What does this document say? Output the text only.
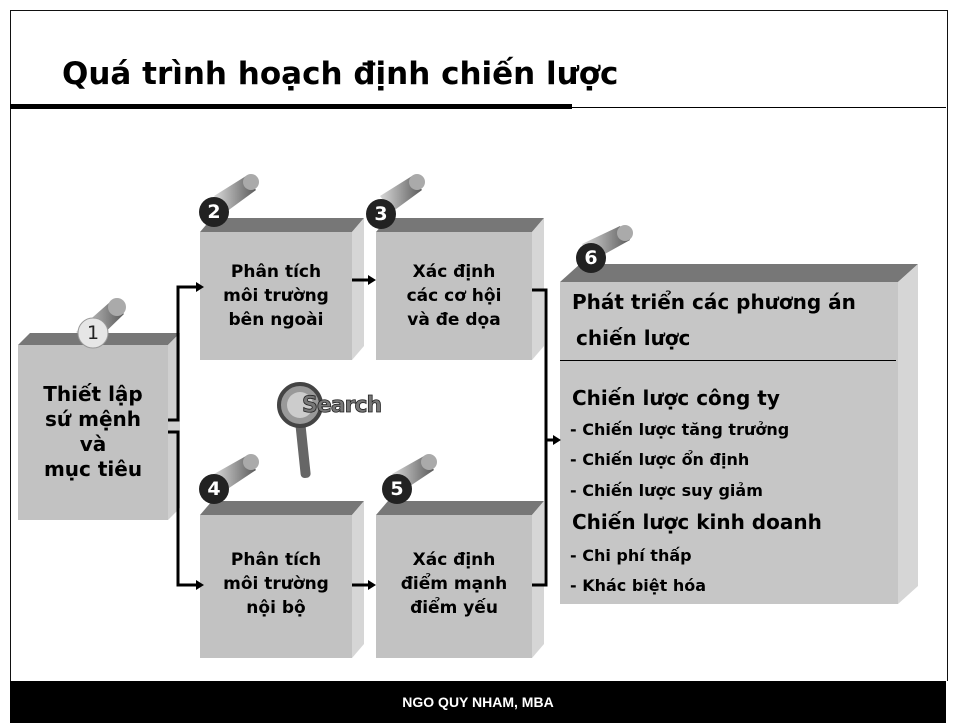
Quá trình hoạch định chiến lược
Search
1
2	3
4	5
6
Thiết lập
sứ mệnh
và
mục tiêu
Phân tích
môi trường
bên ngoài
Xác định
các cơ hội
và đe dọa
Phân tích
môi trường
nội bộ
Xác định
điểm mạnh
điểm yếu
Phát triển các phương án
chiến lược
Chiến lược công ty
- Chiến lược tăng trưởng
- Chiến lược ổn định
- Chiến lược suy giảm
Chiến lược kinh doanh
- Chi phí thấp
- Khác biệt hóa
NGO QUY NHAM, MBA
